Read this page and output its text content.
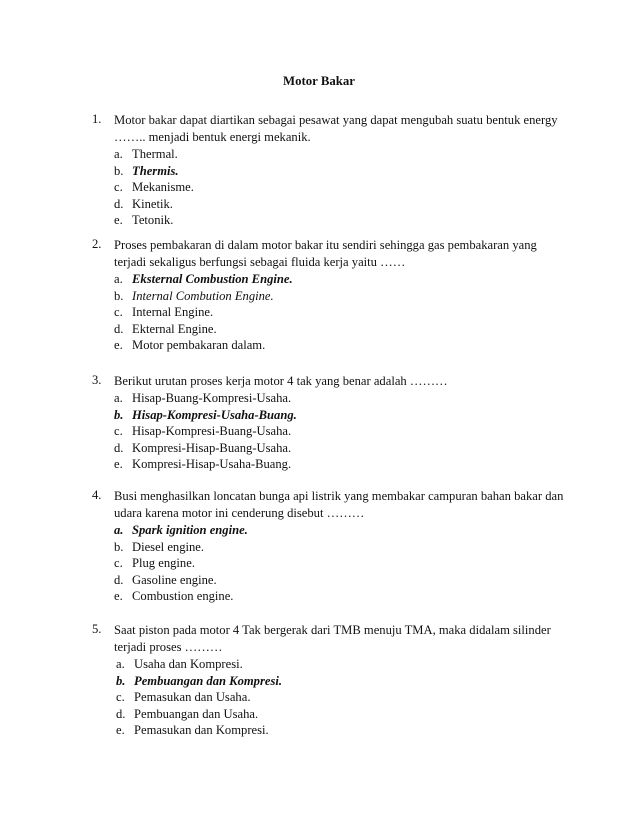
Motor Bakar
1. Motor bakar dapat diartikan sebagai pesawat yang dapat mengubah suatu bentuk energy
…….. menjadi bentuk energi mekanik.
a. Thermal.
b. Thermis.
c. Mekanisme.
d. Kinetik.
e. Tetonik.
2. Proses pembakaran di dalam motor bakar itu sendiri sehingga gas pembakaran yang
terjadi sekaligus berfungsi sebagai fluida kerja yaitu ……
a. Eksternal Combustion Engine.
b. Internal Combution Engine.
c. Internal Engine.
d. Ekternal Engine.
e. Motor pembakaran dalam.
3. Berikut urutan proses kerja motor 4 tak yang benar adalah ………
a. Hisap-Buang-Kompresi-Usaha.
b. Hisap-Kompresi-Usaha-Buang.
c. Hisap-Kompresi-Buang-Usaha.
d. Kompresi-Hisap-Buang-Usaha.
e. Kompresi-Hisap-Usaha-Buang.
4. Busi menghasilkan loncatan bunga api listrik yang membakar campuran bahan bakar dan
udara karena motor ini cenderung disebut ………
a. Spark ignition engine.
b. Diesel engine.
c. Plug engine.
d. Gasoline engine.
e. Combustion engine.
5. Saat piston pada motor 4 Tak bergerak dari TMB menuju TMA, maka didalam silinder
terjadi proses ………
a. Usaha dan Kompresi.
b. Pembuangan dan Kompresi.
c. Pemasukan dan Usaha.
d. Pembuangan dan Usaha.
e. Pemasukan dan Kompresi.
